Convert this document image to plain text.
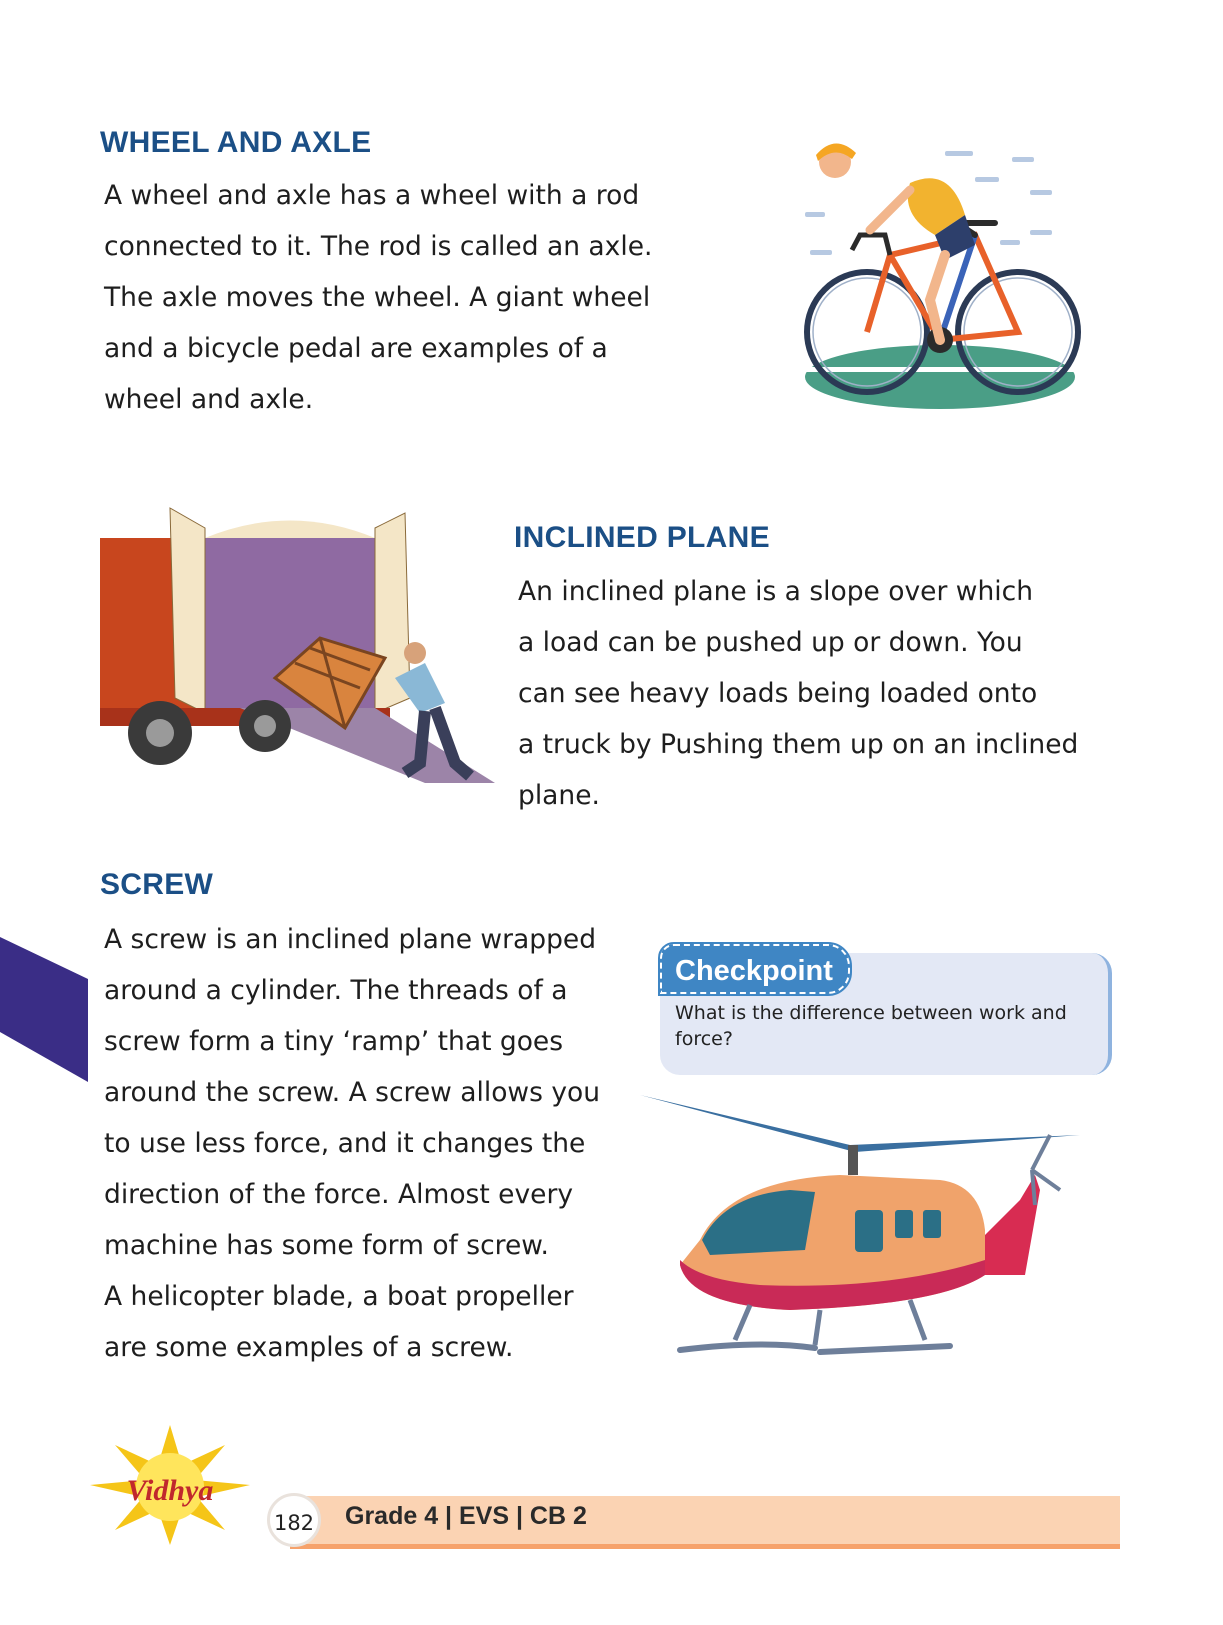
WHEEL AND AXLE
A wheel and axle has a wheel with a rod
connected to it. The rod is called an axle.
The axle moves the wheel. A giant wheel
and a bicycle pedal are examples of a
wheel and axle.
INCLINED PLANE
An inclined plane is a slope over which
a load can be pushed up or down. You
can see heavy loads being loaded onto
a truck by Pushing them up on an inclined
plane.
SCREW
A screw is an inclined plane wrapped
around a cylinder. The threads of a
screw form a tiny ‘ramp’ that goes
around the screw. A screw allows you
to use less force, and it changes the
direction of the force. Almost every
machine has some form of screw.
A helicopter blade, a boat propeller
are some examples of a screw.
Checkpoint

What is the difference between work and force?

Vidhya
182 Grade 4 | EVS | CB 2
